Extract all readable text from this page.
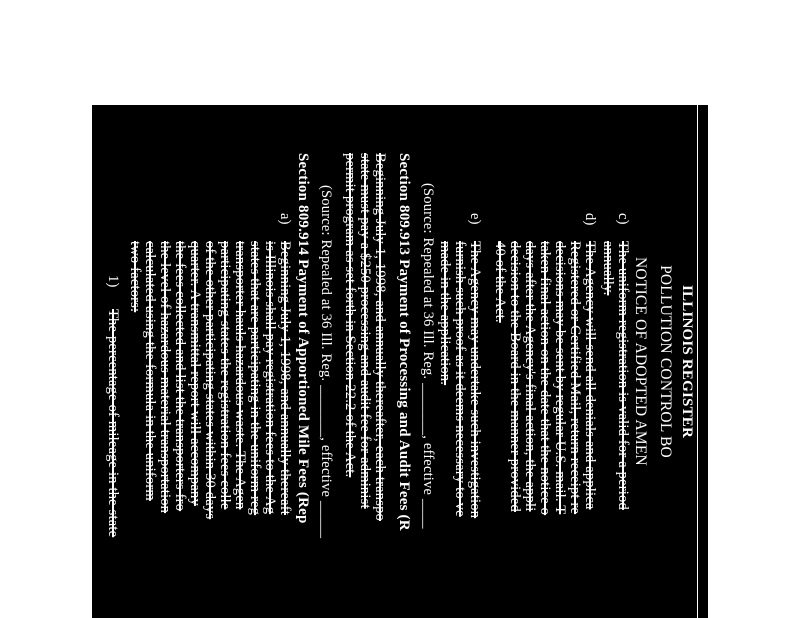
ILLINOIS REGISTER
POLLUTION CONTROL BO
NOTICE OF ADOPTED AMEN
c)
The uniform registration is valid for a period
annually.
d)
The Agency will send all denials and applica
Registered or Certified Mail, return receipt re
decisions may be sent by regular U.S. mail. T
taken final action on the date that the notice o
days after the Agency's final action, the appli
decision to the Board in the manner provided
40 of the Act.
e)
The Agency may undertake such investigation
furnish such proof as it deems necessary to ve
made in the application.
(Source: Repealed at 36 Ill. Reg. _______, effective ____
Section 809.913 Payment of Processing and Audit Fees (R
Beginning July 1, 1998, and annually thereafter, each transpo
state must pay a $250 processing and audit fee for administ
permit program as set forth in Section 22.2 of the Act.
(Source: Repealed at 36 Ill. Reg. _______, effective _____
Section 809.914 Payment of Apportioned Mile Fees (Rep
a)
Beginning July 1, 1998, and annually thereaft
is Illinois shall pay registration fees to the Ag
states that are participating in the uniform reg
transporter hauls hazardous waste. The Agen
participating states the registration fees colle
of the other participating states within 30 days
quarter. A transmittal report will accompany
the fees collected and list the transporters fro
the level of hazardous material transportation
calculated using the formula in the uniform
two factors:
1)
The percentage of mileage in the state
